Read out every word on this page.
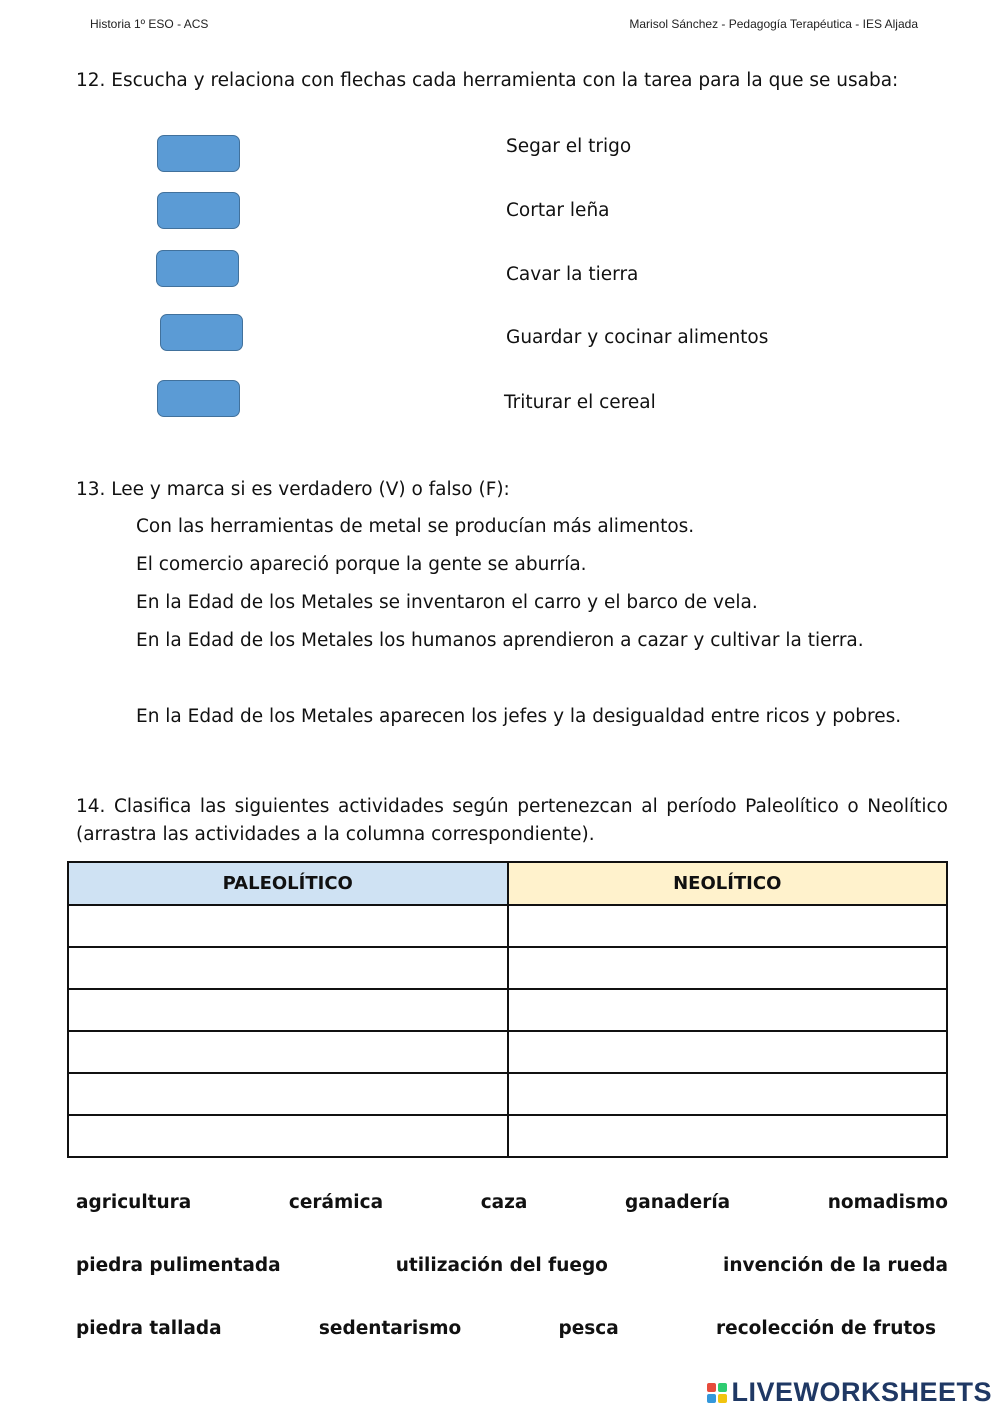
Historia 1º ESO - ACS	Marisol Sánchez - Pedagogía Terapéutica - IES Aljada
12. Escucha y relaciona con flechas cada herramienta con la tarea para la que se usaba:
Segar el trigo
Cortar leña
Cavar la tierra
Guardar y cocinar alimentos
Triturar el cereal
13. Lee y marca si es verdadero (V) o falso (F):
Con las herramientas de metal se producían más alimentos.
El comercio apareció porque la gente se aburría.
En la Edad de los Metales se inventaron el carro y el barco de vela.
En la Edad de los Metales los humanos aprendieron a cazar y cultivar la tierra.
En la Edad de los Metales aparecen los jefes y la desigualdad entre ricos y pobres.
14. Clasifica las siguientes actividades según pertenezcan al período Paleolítico o Neolítico (arrastra las actividades a la columna correspondiente).
PALEOLÍTICO	NEOLÍTICO

agricultura	cerámica	caza	ganadería	nomadismo
piedra pulimentada	utilización del fuego	invención de la rueda
piedra tallada	sedentarismo	pesca	recolección de frutos
LIVEWORKSHEETS
